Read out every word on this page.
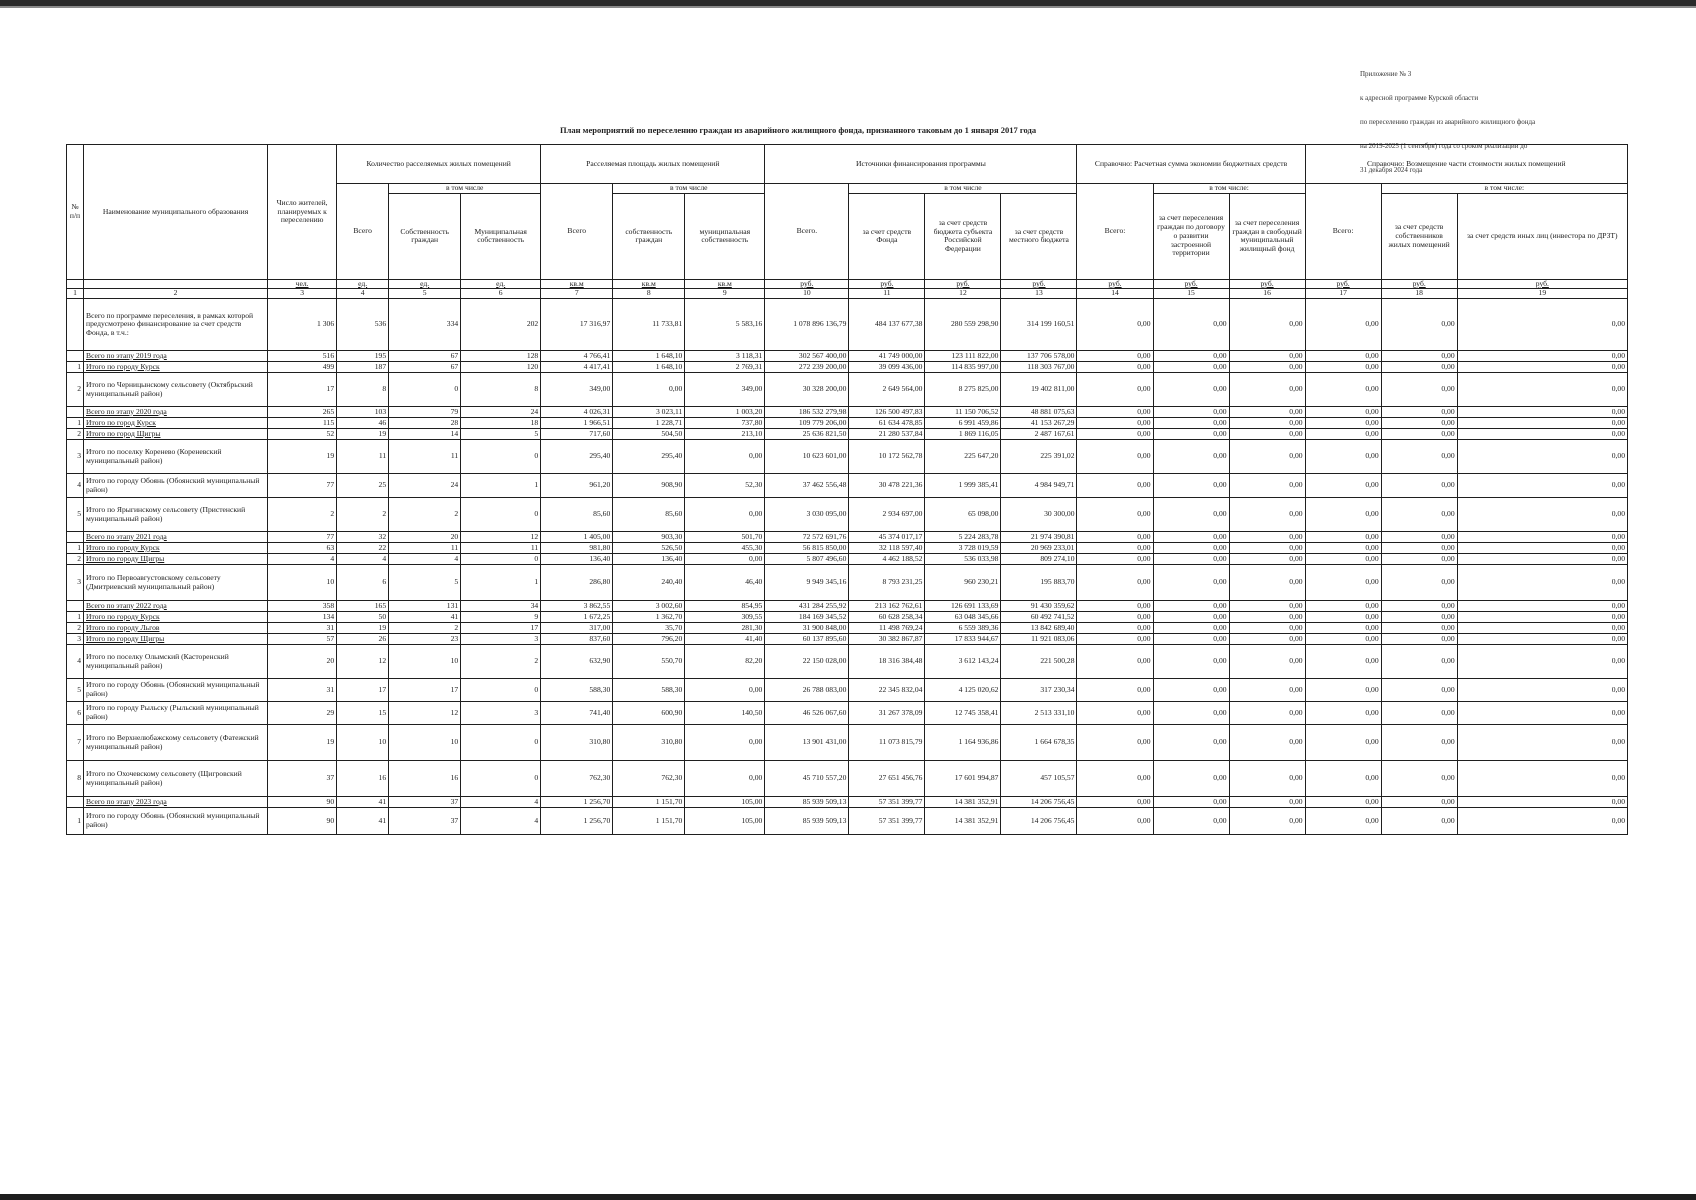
Приложение № 3

к адресной программе Курской области

по переселению граждан из аварийного жилищного фонда

на 2019-2025 (1 сентября) года со сроком реализации до

31 декабря 2024 года

План мероприятий по переселению граждан из аварийного жилищного фонда, признанного таковым до 1 января 2017 года
№ п/п	Наименование муниципального образования	Число жителей, планируемых к переселению	Количество расселяемых жилых помещений			Расселяемая площадь жилых помещений			Источники финансирования программы				Справочно: Расчетная сумма экономии бюджетных средств			Справочно: Возмещение части стоимости жилых помещений		
			Всего	в том числе		Всего	в том числе		Всего.	в том числе			Всего:	в том числе:		Всего:	в том числе:	
				Собственность граждан	Муниципальная собственность		собственность граждан	муниципальная собственность		за счет средств Фонда	за счет средств бюджета субъекта Российской Федерации	за счет средств местного бюджета		за счет переселения граждан по договору о развитии застроенной территории	за счет переселения граждан в свободный муниципальный жилищный фонд		за счет средств собственников жилых помещений	за счет средств иных лиц (инвестора по ДРЗТ)
		чел.	ед.	ед.	ед.	кв.м	кв.м	кв.м	руб.	руб.	руб.	руб.	руб.	руб.	руб.	руб.	руб.	руб.
1	2	3	4	5	6	7	8	9	10	11	12	13	14	15	16	17	18	19
	Всего по программе переселения, в рамках которой предусмотрено финансирование за счет средств Фонда, в т.ч.:	1 306	536	334	202	17 316,97	11 733,81	5 583,16	1 078 896 136,79	484 137 677,38	280 559 298,90	314 199 160,51	0,00	0,00	0,00	0,00	0,00	0,00
	Всего по этапу 2019 года	516	195	67	128	4 766,41	1 648,10	3 118,31	302 567 400,00	41 749 000,00	123 111 822,00	137 706 578,00	0,00	0,00	0,00	0,00	0,00	0,00
1	Итого по городу Курск	499	187	67	120	4 417,41	1 648,10	2 769,31	272 239 200,00	39 099 436,00	114 835 997,00	118 303 767,00	0,00	0,00	0,00	0,00	0,00	0,00
2	Итого по Черницынскому сельсовету (Октябрьский муниципальный район)	17	8	0	8	349,00	0,00	349,00	30 328 200,00	2 649 564,00	8 275 825,00	19 402 811,00	0,00	0,00	0,00	0,00	0,00	0,00
	Всего по этапу 2020 года	265	103	79	24	4 026,31	3 023,11	1 003,20	186 532 279,98	126 500 497,83	11 150 706,52	48 881 075,63	0,00	0,00	0,00	0,00	0,00	0,00
1	Итого по город Курск	115	46	28	18	1 966,51	1 228,71	737,80	109 779 206,00	61 634 478,85	6 991 459,86	41 153 267,29	0,00	0,00	0,00	0,00	0,00	0,00
2	Итого по город Щигры	52	19	14	5	717,60	504,50	213,10	25 636 821,50	21 280 537,84	1 869 116,05	2 487 167,61	0,00	0,00	0,00	0,00	0,00	0,00
3	Итого по поселку Коренево (Кореневский муниципальный район)	19	11	11	0	295,40	295,40	0,00	10 623 601,00	10 172 562,78	225 647,20	225 391,02	0,00	0,00	0,00	0,00	0,00	0,00
4	Итого по городу Обоянь (Обоянский муниципальный район)	77	25	24	1	961,20	908,90	52,30	37 462 556,48	30 478 221,36	1 999 385,41	4 984 949,71	0,00	0,00	0,00	0,00	0,00	0,00
5	Итого по Ярыгинскому сельсовету (Пристенский муниципальный район)	2	2	2	0	85,60	85,60	0,00	3 030 095,00	2 934 697,00	65 098,00	30 300,00	0,00	0,00	0,00	0,00	0,00	0,00
	Всего по этапу 2021 года	77	32	20	12	1 405,00	903,30	501,70	72 572 691,76	45 374 017,17	5 224 283,78	21 974 390,81	0,00	0,00	0,00	0,00	0,00	0,00
1	Итого по городу Курск	63	22	11	11	981,80	526,50	455,30	56 815 850,00	32 118 597,40	3 728 019,59	20 969 233,01	0,00	0,00	0,00	0,00	0,00	0,00
2	Итого по городу Щигры	4	4	4	0	136,40	136,40	0,00	5 807 496,60	4 462 188,52	536 033,98	809 274,10	0,00	0,00	0,00	0,00	0,00	0,00
3	Итого по Первоавгустовскому сельсовету (Дмитриевский муниципальный район)	10	6	5	1	286,80	240,40	46,40	9 949 345,16	8 793 231,25	960 230,21	195 883,70	0,00	0,00	0,00	0,00	0,00	0,00
	Всего по этапу 2022 года	358	165	131	34	3 862,55	3 002,60	854,95	431 284 255,92	213 162 762,61	126 691 133,69	91 430 359,62	0,00	0,00	0,00	0,00	0,00	0,00
1	Итого по городу Курск	134	50	41	9	1 672,25	1 362,70	309,55	184 169 345,52	60 628 258,34	63 048 345,66	60 492 741,52	0,00	0,00	0,00	0,00	0,00	0,00
2	Итого по городу Льгов	31	19	2	17	317,00	35,70	281,30	31 900 848,00	11 498 769,24	6 559 389,36	13 842 689,40	0,00	0,00	0,00	0,00	0,00	0,00
3	Итого по городу Щигры	57	26	23	3	837,60	796,20	41,40	60 137 895,60	30 382 867,87	17 833 944,67	11 921 083,06	0,00	0,00	0,00	0,00	0,00	0,00
4	Итого по поселку Олымский (Касторенский муниципальный район)	20	12	10	2	632,90	550,70	82,20	22 150 028,00	18 316 384,48	3 612 143,24	221 500,28	0,00	0,00	0,00	0,00	0,00	0,00
5	Итого по городу Обоянь (Обоянский муниципальный район)	31	17	17	0	588,30	588,30	0,00	26 788 083,00	22 345 832,04	4 125 020,62	317 230,34	0,00	0,00	0,00	0,00	0,00	0,00
6	Итого по городу Рыльску (Рыльский муниципальный район)	29	15	12	3	741,40	600,90	140,50	46 526 067,60	31 267 378,09	12 745 358,41	2 513 331,10	0,00	0,00	0,00	0,00	0,00	0,00
7	Итого по Верхнелюбажскому сельсовету (Фатежский муниципальный район)	19	10	10	0	310,80	310,80	0,00	13 901 431,00	11 073 815,79	1 164 936,86	1 664 678,35	0,00	0,00	0,00	0,00	0,00	0,00
8	Итого по Охочевскому сельсовету (Щигровский муниципальный район)	37	16	16	0	762,30	762,30	0,00	45 710 557,20	27 651 456,76	17 601 994,87	457 105,57	0,00	0,00	0,00	0,00	0,00	0,00
	Всего по этапу 2023 года	90	41	37	4	1 256,70	1 151,70	105,00	85 939 509,13	57 351 399,77	14 381 352,91	14 206 756,45	0,00	0,00	0,00	0,00	0,00	0,00
1	Итого по городу Обоянь (Обоянский муниципальный район)	90	41	37	4	1 256,70	1 151,70	105,00	85 939 509,13	57 351 399,77	14 381 352,91	14 206 756,45	0,00	0,00	0,00	0,00	0,00	0,00
